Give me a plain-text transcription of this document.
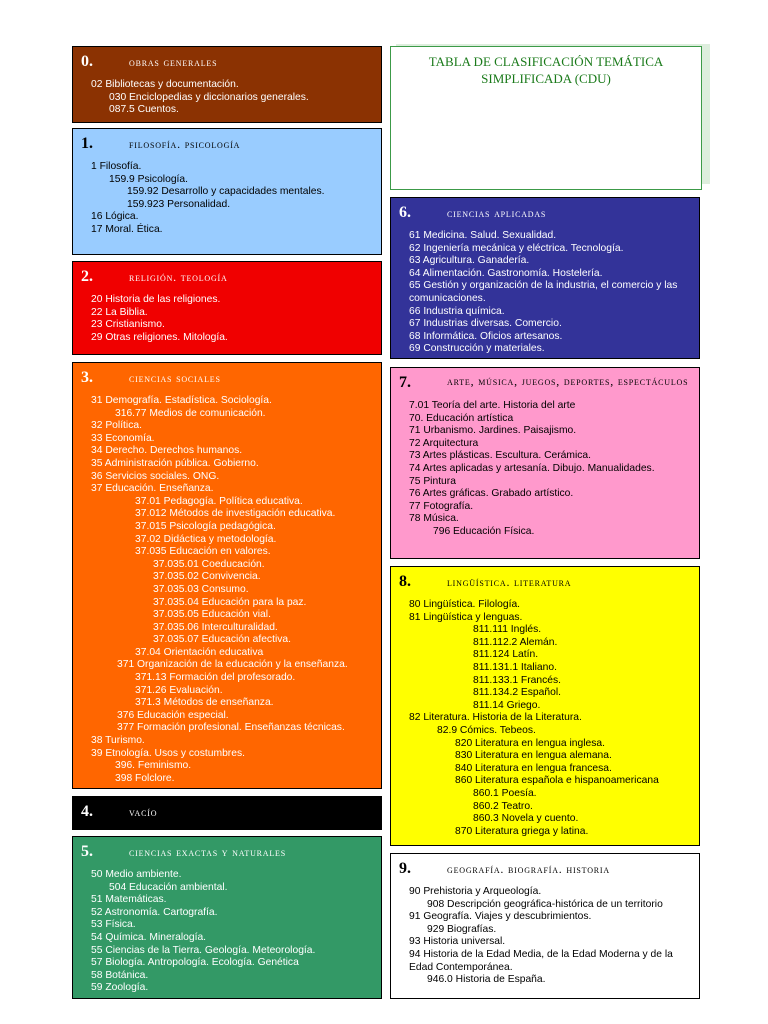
TABLA DE CLASIFICACIÓN TEMÁTICA
SIMPLIFICADA (CDU)
0.	obras generales
02 Bibliotecas y documentación.
030 Enciclopedias y diccionarios generales.
087.5 Cuentos.
1.	filosofía. psicología
1 Filosofía.
159.9 Psicología.
159.92 Desarrollo y capacidades mentales.
159.923 Personalidad.
16 Lógica.
17 Moral. Ética.
2.	religión. teología
20 Historia de las religiones.
22 La Biblia.
23 Cristianismo.
29 Otras religiones. Mitología.
3.	ciencias sociales
31 Demografía. Estadística. Sociología.
316.77 Medios de comunicación.
32 Política.
33 Economía.
34 Derecho. Derechos humanos.
35 Administración pública. Gobierno.
36 Servicios sociales. ONG.
37 Educación. Enseñanza.
37.01 Pedagogía. Política educativa.
37.012 Métodos de investigación educativa.
37.015 Psicología pedagógica.
37.02 Didáctica y metodología.
37.035 Educación en valores.
37.035.01 Coeducación.
37.035.02 Convivencia.
37.035.03 Consumo.
37.035.04 Educación para la paz.
37.035.05 Educación vial.
37.035.06 Interculturalidad.
37.035.07 Educación afectiva.
37.04 Orientación educativa
371 Organización de la educación y la enseñanza.
371.13 Formación del profesorado.
371.26 Evaluación.
371.3 Métodos de enseñanza.
376 Educación especial.
377 Formación profesional. Enseñanzas técnicas.
38 Turismo.
39 Etnología. Usos y costumbres.
396. Feminismo.
398 Folclore.
4.	vacío
5.	ciencias exactas y naturales
50 Medio ambiente.
504 Educación ambiental.
51 Matemáticas.
52 Astronomía. Cartografía.
53 Física.
54 Química. Mineralogía.
55 Ciencias de la Tierra. Geología. Meteorología.
57 Biología. Antropología. Ecología. Genética
58 Botánica.
59 Zoología.
6.	ciencias aplicadas
61 Medicina. Salud. Sexualidad.
62 Ingeniería mecánica y eléctrica. Tecnología.
63 Agricultura. Ganadería.
64 Alimentación. Gastronomía. Hostelería.
65 Gestión y organización de la industria, el comercio y las comunicaciones.
66 Industria química.
67 Industrias diversas. Comercio.
68 Informática. Oficios artesanos.
69 Construcción y materiales.
7.	arte, música, juegos, deportes, espectáculos
7.01 Teoría del arte. Historia del arte
70. Educación artística
71 Urbanismo. Jardines. Paisajismo.
72 Arquitectura
73 Artes plásticas. Escultura. Cerámica.
74 Artes aplicadas y artesanía. Dibujo. Manualidades.
75 Pintura
76 Artes gráficas. Grabado artístico.
77 Fotografía.
78 Música.
796 Educación Física.
8.	lingüística. literatura
80 Lingüística. Filología.
81 Lingüística y lenguas.
811.111 Inglés.
811.112.2 Alemán.
811.124 Latín.
811.131.1 Italiano.
811.133.1 Francés.
811.134.2 Español.
811.14 Griego.
82 Literatura. Historia de la Literatura.
82.9 Cómics. Tebeos.
820 Literatura en lengua inglesa.
830 Literatura en lengua alemana.
840 Literatura en lengua francesa.
860 Literatura española e hispanoamericana
860.1 Poesía.
860.2 Teatro.
860.3 Novela y cuento.
870 Literatura griega y latina.
9.	geografía. biografía. historia
90 Prehistoria y Arqueología.
908 Descripción geográfica-histórica de un territorio
91 Geografía. Viajes y descubrimientos.
929 Biografías.
93 Historia universal.
94 Historia de la Edad Media, de la Edad Moderna y de la Edad Contemporánea.
946.0 Historia de España.
